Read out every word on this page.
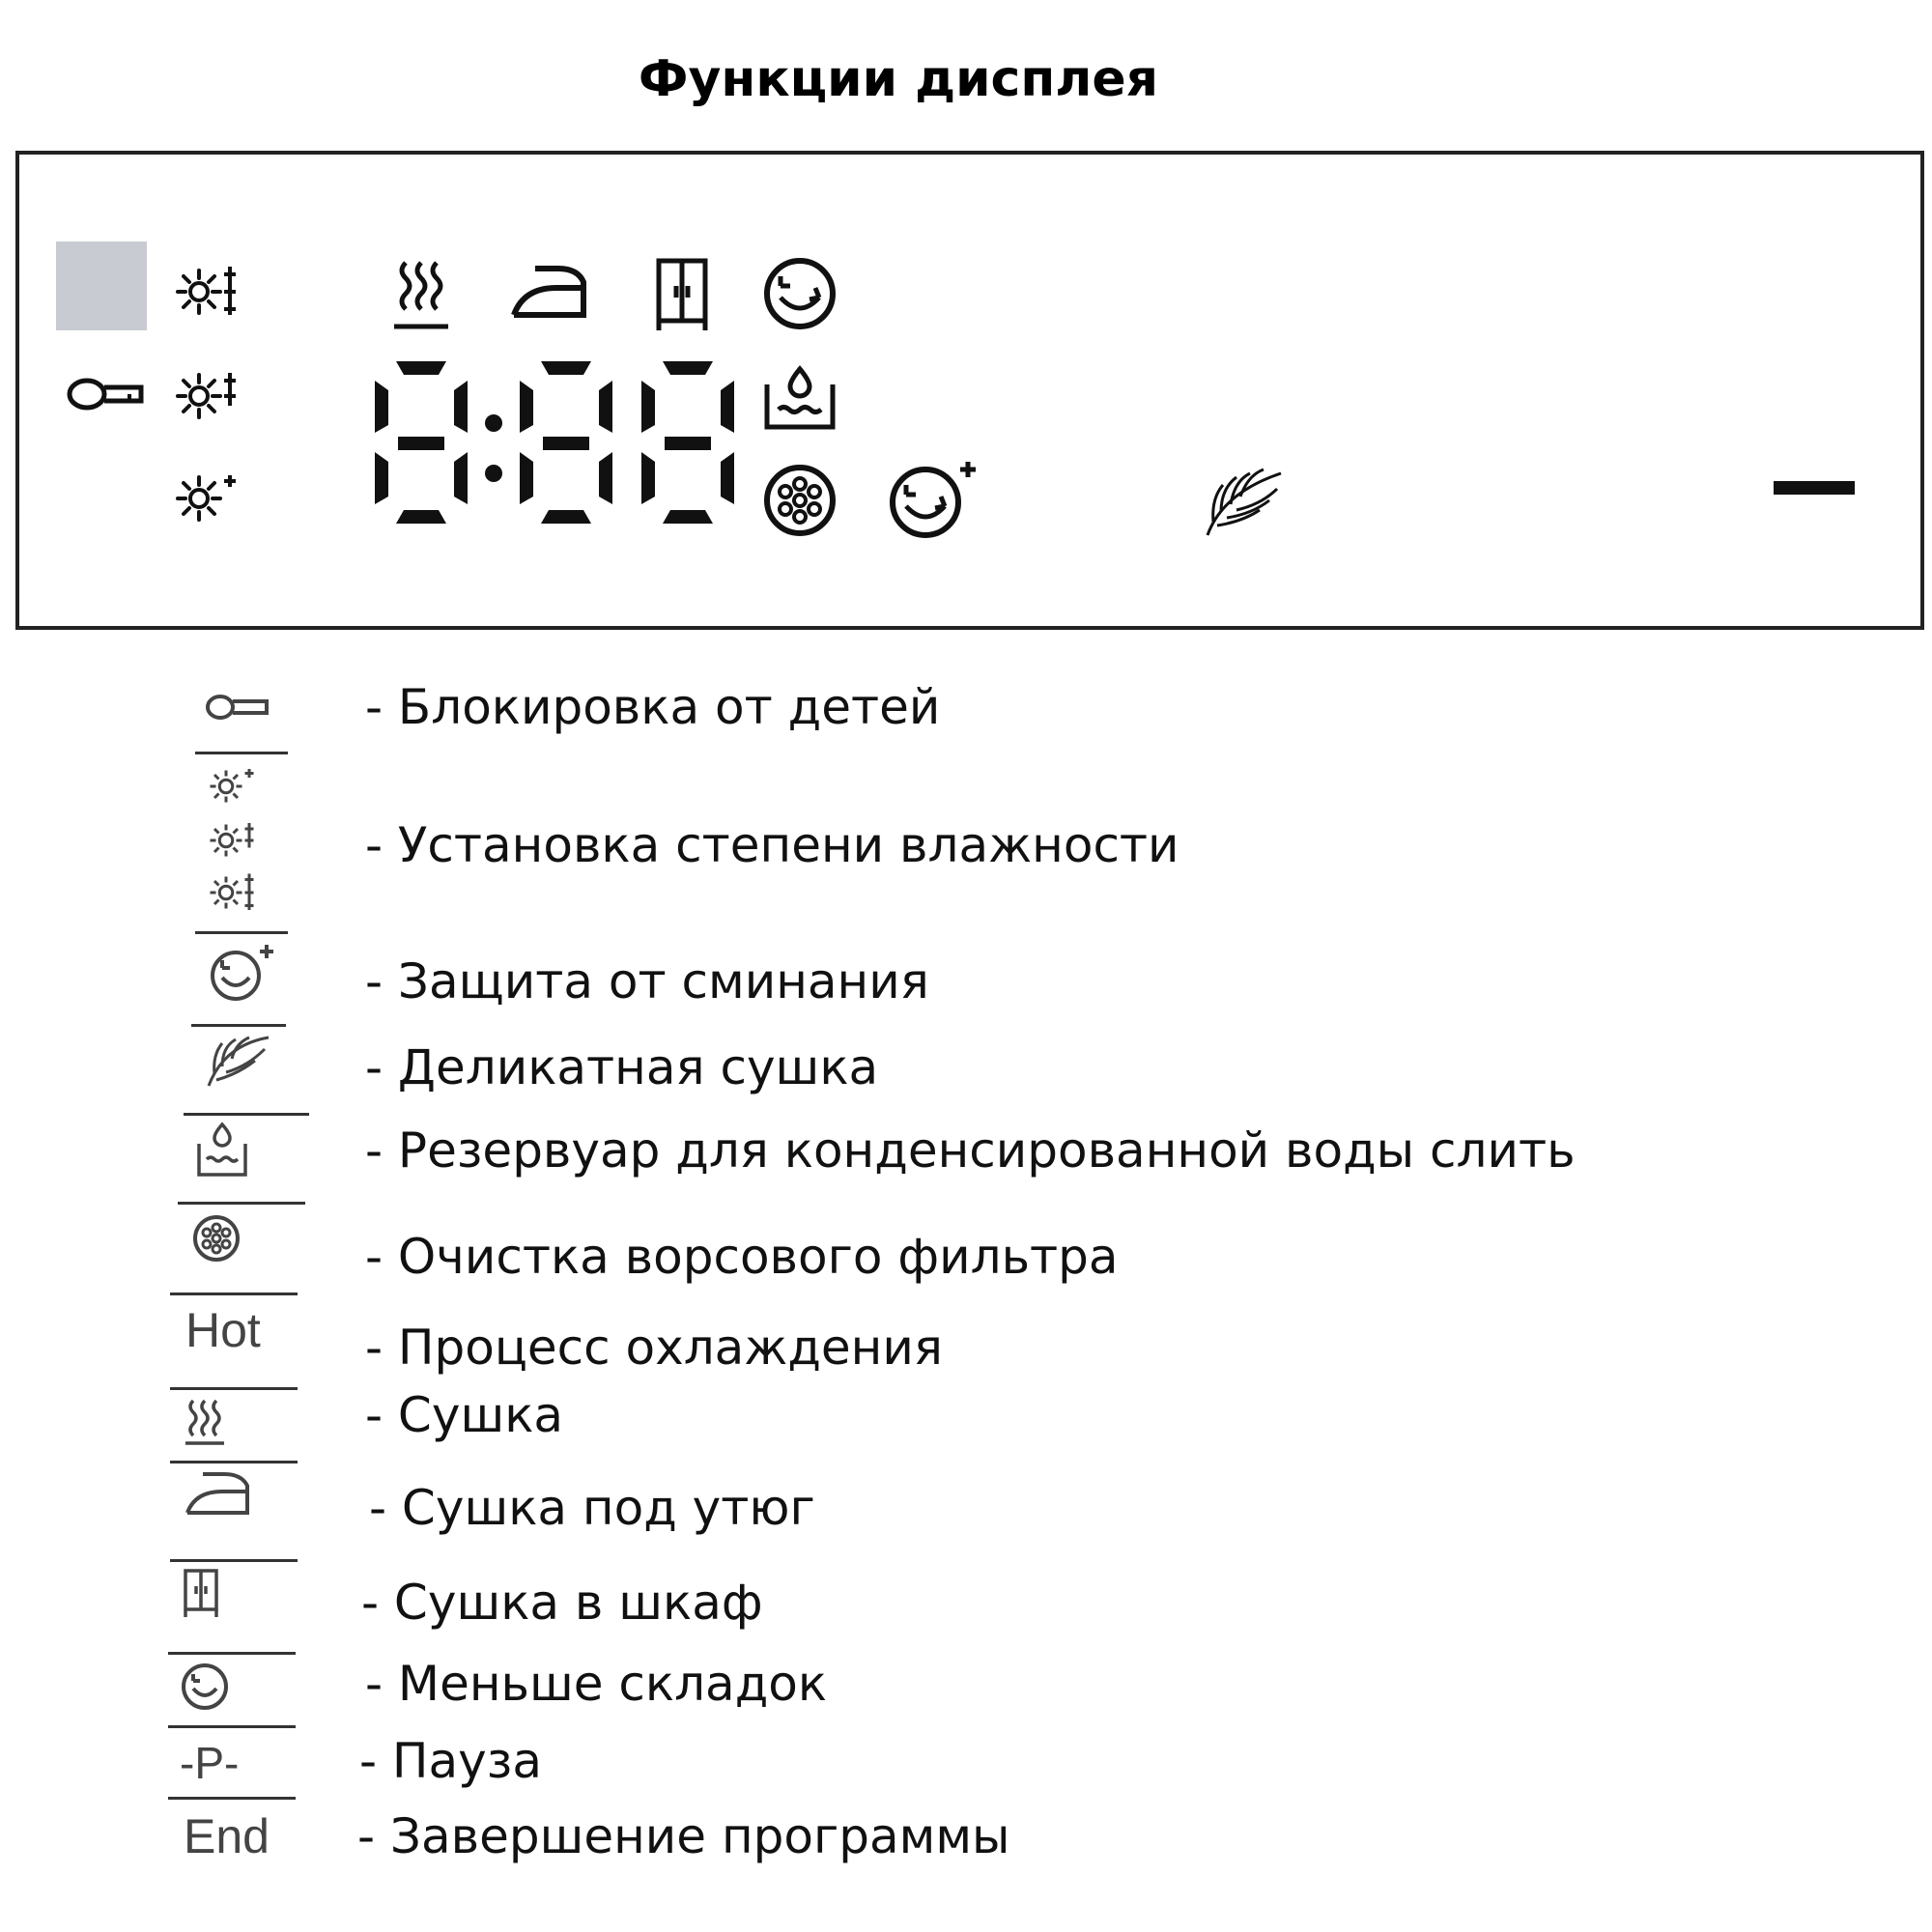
Функции дисплея
- Блокировка от детей
- Установка степени влажности
- Защита от сминания
- Деликатная сушка
- Резервуар для конденсированной воды слить
- Очистка ворсового фильтра
Hot - Процесс охлаждения
- Сушка
- Сушка под утюг
- Сушка в шкаф
- Меньше складок
-P- - Пауза
End - Завершение программы
